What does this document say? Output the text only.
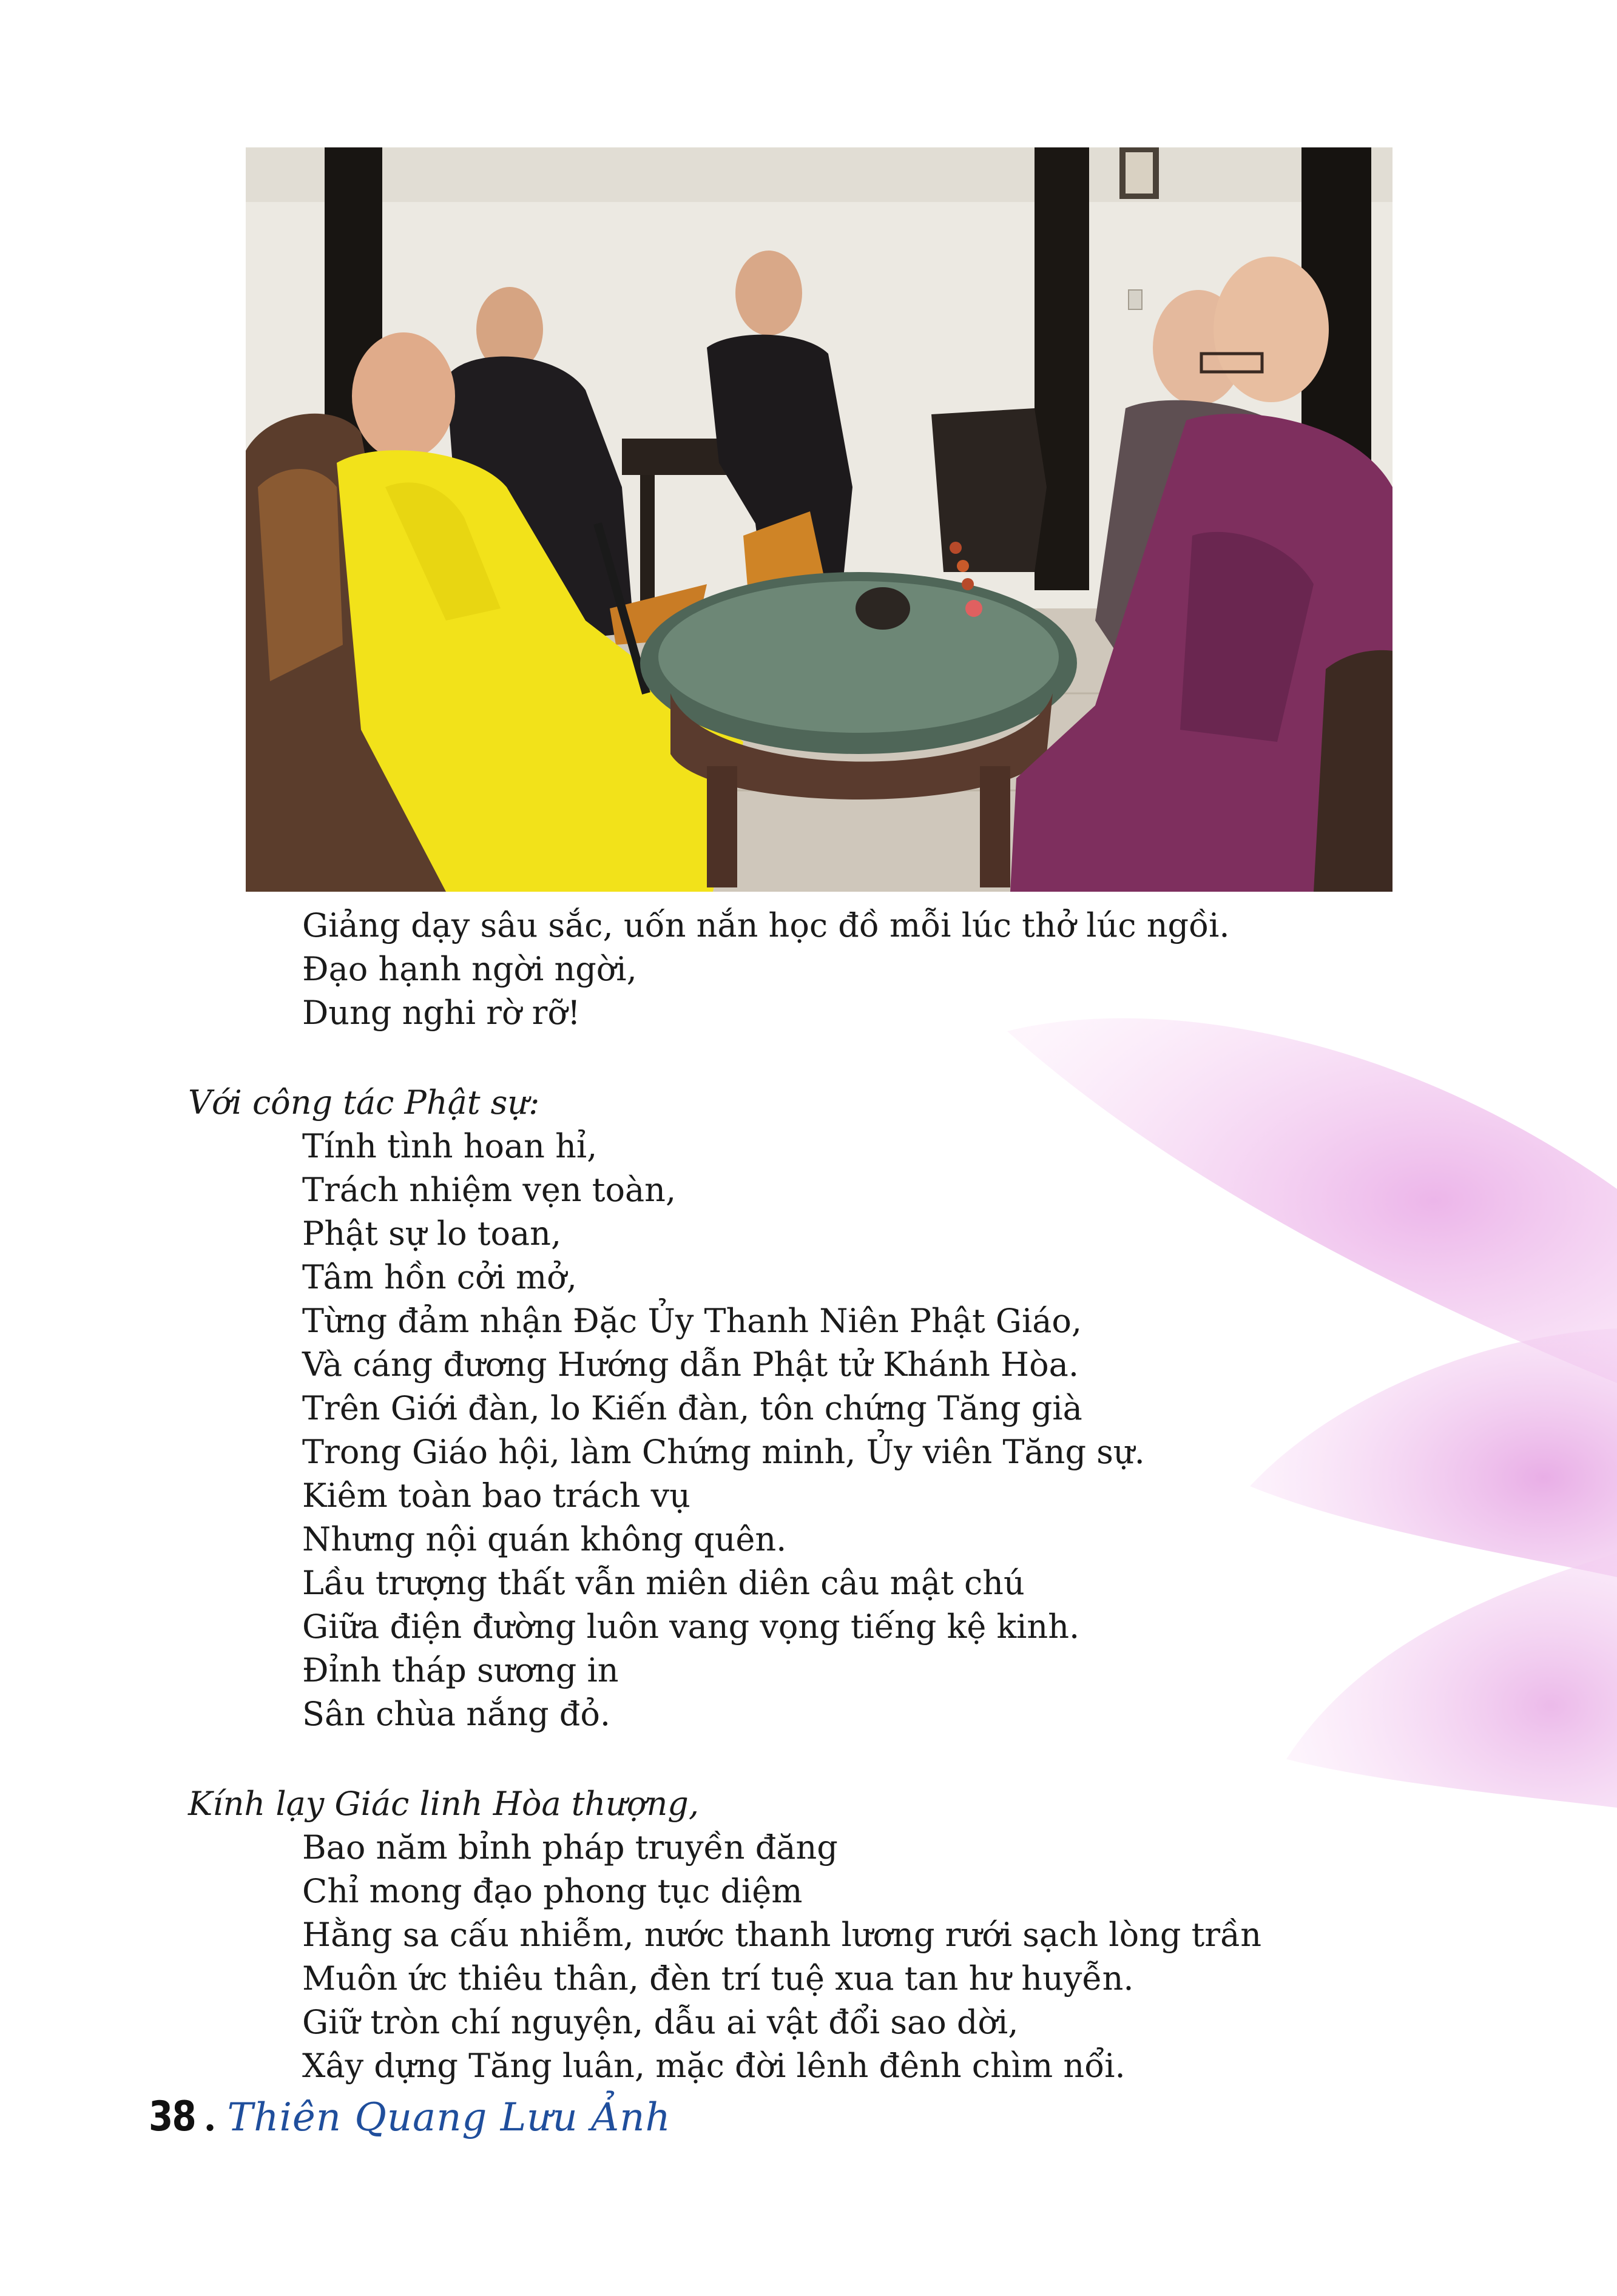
Giảng dạy sâu sắc, uốn nắn học đồ mỗi lúc thở lúc ngồi.
Đạo hạnh ngời ngời,
Dung nghi rờ rỡ!
Với công tác Phật sự:
Tính tình hoan hỉ,
Trách nhiệm vẹn toàn,
Phật sự lo toan,
Tâm hồn cởi mở,
Từng đảm nhận Đặc Ủy Thanh Niên Phật Giáo,
Và cáng đương Hướng dẫn Phật tử Khánh Hòa.
Trên Giới đàn, lo Kiến đàn, tôn chứng Tăng già
Trong Giáo hội, làm Chứng minh, Ủy viên Tăng sự.
Kiêm toàn bao trách vụ
Nhưng nội quán không quên.
Lầu trượng thất vẫn miên diên câu mật chú
Giữa điện đường luôn vang vọng tiếng kệ kinh.
Đỉnh tháp sương in
Sân chùa nắng đỏ.
Kính lạy Giác linh Hòa thượng,
Bao năm bỉnh pháp truyền đăng
Chỉ mong đạo phong tục diệm
Hằng sa cấu nhiễm, nước thanh lương rưới sạch lòng trần
Muôn ức thiêu thân, đèn trí tuệ xua tan hư huyễn.
Giữ tròn chí nguyện, dẫu ai vật đổi sao dời,
Xây dựng Tăng luân, mặc đời lênh đênh chìm nổi.
38 . Thiên Quang Lưu Ảnh
